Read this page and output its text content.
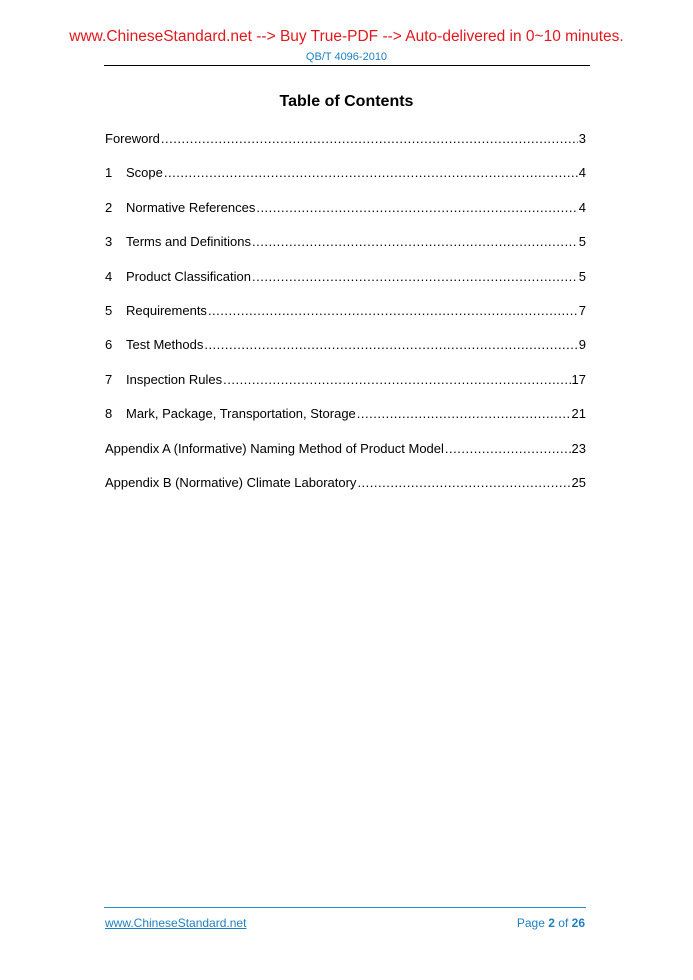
www.ChineseStandard.net --> Buy True-PDF --> Auto-delivered in 0~10 minutes.
QB/T 4096-2010
Table of Contents
Foreword .....	3
1	Scope .....	4
2	Normative References .....	4
3	Terms and Definitions .....	5
4	Product Classification .....	5
5	Requirements .....	7
6	Test Methods .....	9
7	Inspection Rules .....	17
8	Mark, Package, Transportation, Storage .....	21
Appendix A (Informative) Naming Method of Product Model .....	23
Appendix B (Normative) Climate Laboratory .....	25
www.ChineseStandard.net	Page 2 of 26
